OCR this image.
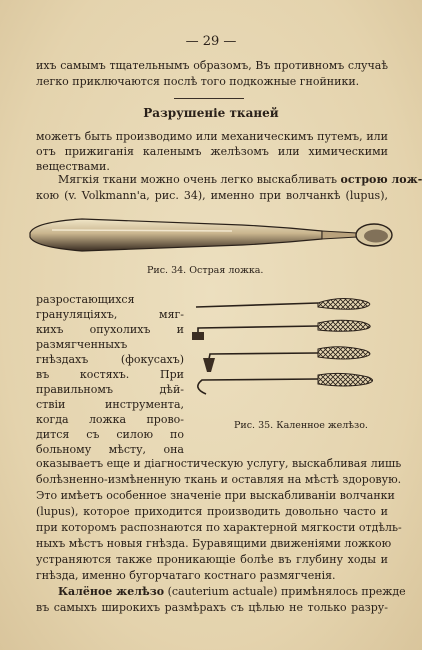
— 29 —
ихъ самымъ тщательнымъ образомъ, Въ противномъ случаѣ
легко приключаются послѣ того подкожные гнойники.
Разрушеніе тканей
можетъ быть производимо или механическимъ путемъ, или
отъ прижиганія каленымъ желѣзомъ или химическими
веществами.
Мягкія ткани можно очень легко выскабливать острою лож-
кою (v. Volkmann'a, рис. 34), именно при волчанкѣ (lupus),
Рис. 34. Острая ложка.
разростающихся
грануляціяхъ, мяг-
кихъ опухолихъ и
размягченныхъ
гнѣздахъ (фокусахъ)
въ костяхъ. При
правильномъ дѣй-
ствіи инструмента,
когда ложка прово-
дится съ силою по
больному мѣсту, она
Рис. 35. Каленное желѣзо.
оказываетъ еще и діагностическую услугу, выскабливая лишь
болѣзненно-измѣненную ткань и оставляя на мѣстѣ здоровую.
Это имѣетъ особенное значеніе при выскабливаніи волчанки
(lupus), которое приходится производить довольно часто и
при которомъ распознаются по характерной мягкости отдѣль-
ныхъ мѣстъ новыя гнѣзда. Буравящими движеніями ложкою
устраняются также проникающіе болѣе въ глубину ходы и
гнѣзда, именно бугорчатаго костнаго размягченія.
Калёное желѣзо (cauterium actuale) примѣнялось прежде
въ самыхъ широкихъ размѣрахъ съ цѣлью не только разру-
